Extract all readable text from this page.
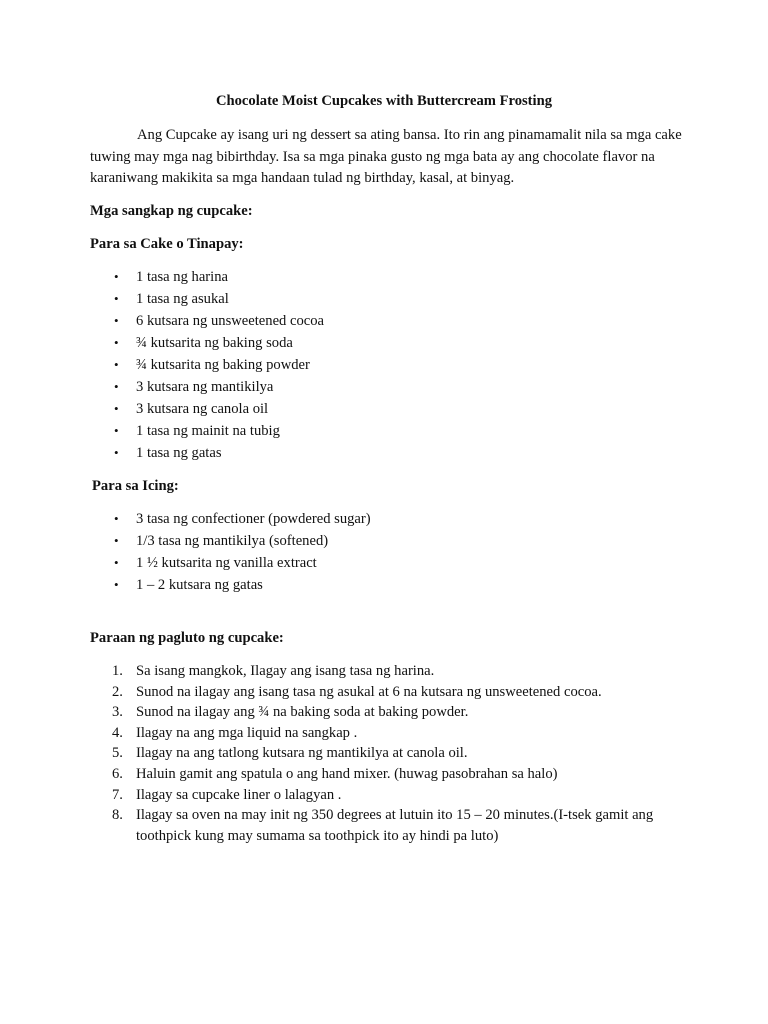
Chocolate Moist Cupcakes with Buttercream Frosting

Ang Cupcake ay isang uri ng dessert sa ating bansa. Ito rin ang pinamamalit nila sa mga cake tuwing may mga nag bibirthday. Isa sa mga pinaka gusto ng mga bata ay ang chocolate flavor na karaniwang makikita sa mga handaan tulad ng birthday, kasal, at binyag.

Mga sangkap ng cupcake:

Para sa Cake o Tinapay:

• 1 tasa ng harina
• 1 tasa ng asukal
• 6 kutsara ng unsweetened cocoa
• ¾ kutsarita ng baking soda
• ¾ kutsarita ng baking powder
• 3 kutsara ng mantikilya
• 3 kutsara ng canola oil
• 1 tasa ng mainit na tubig
• 1 tasa ng gatas

Para sa Icing:

• 3 tasa ng confectioner (powdered sugar)
• 1/3 tasa ng mantikilya (softened)
• 1 ½ kutsarita ng vanilla extract
• 1 – 2 kutsara ng gatas

Paraan ng pagluto ng cupcake:

1. Sa isang mangkok, Ilagay ang isang tasa ng harina.
2. Sunod na ilagay ang isang tasa ng asukal at 6 na kutsara ng unsweetened cocoa.
3. Sunod na ilagay ang ¾ na baking soda at baking powder.
4. Ilagay na ang mga liquid na sangkap .
5. Ilagay na ang tatlong kutsara ng mantikilya at canola oil.
6. Haluin gamit ang spatula o ang hand mixer. (huwag pasobrahan sa halo)
7. Ilagay sa cupcake liner o lalagyan .
8. Ilagay sa oven na may init ng 350 degrees at lutuin ito 15 – 20 minutes.(I-tsek gamit ang toothpick kung may sumama sa toothpick ito ay hindi pa luto)
